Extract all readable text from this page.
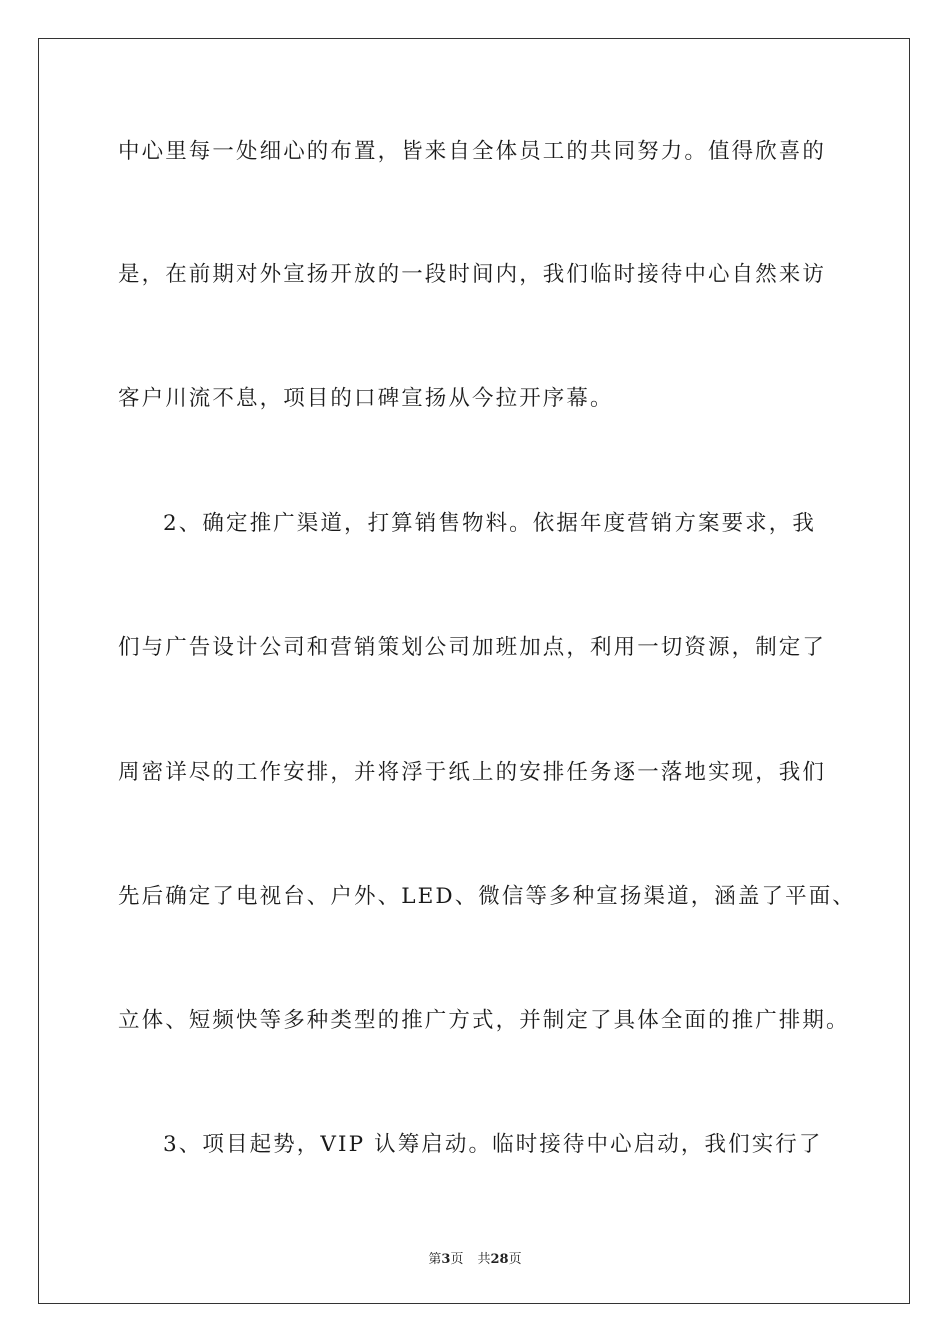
中心里每一处细心的布置，皆来自全体员工的共同努力。值得欣喜的
是，在前期对外宣扬开放的一段时间内，我们临时接待中心自然来访
客户川流不息，项目的口碑宣扬从今拉开序幕。
2、确定推广渠道，打算销售物料。依据年度营销方案要求，我
们与广告设计公司和营销策划公司加班加点，利用一切资源，制定了
周密详尽的工作安排，并将浮于纸上的安排任务逐一落地实现，我们
先后确定了电视台、户外、LED、微信等多种宣扬渠道，涵盖了平面、
立体、短频快等多种类型的推广方式，并制定了具体全面的推广排期。
3、项目起势，VIP 认筹启动。临时接待中心启动，我们实行了
第3页 共28页
